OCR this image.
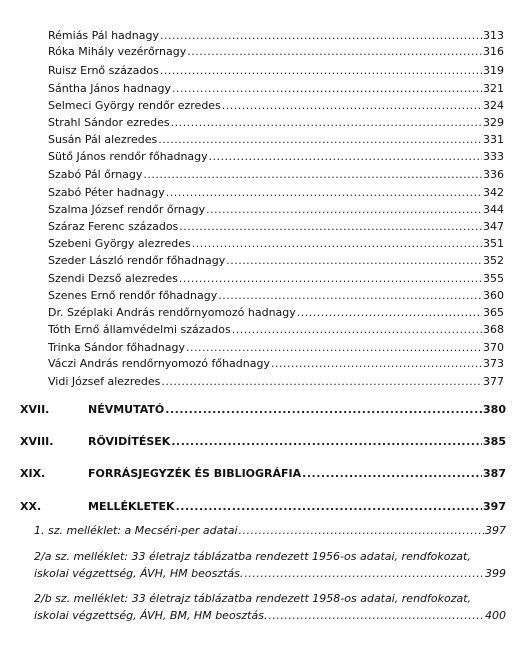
Rémiás Pál hadnagy .....	313
Róka Mihály vezérőrnagy .....	316
Ruisz Ernő százados .....	319
Sántha János hadnagy .....	321
Selmeci György rendőr ezredes .....	324
Strahl Sándor ezredes .....	329
Susán Pál alezredes .....	331
Sütő János rendőr főhadnagy .....	333
Szabó Pál őrnagy .....	336
Szabó Péter hadnagy .....	342
Szalma József rendőr őrnagy .....	344
Száraz Ferenc százados .....	347
Szebeni György alezredes .....	351
Szeder László rendőr főhadnagy .....	352
Szendi Dezső alezredes .....	355
Szenes Ernő rendőr főhadnagy .....	360
Dr. Széplaki András rendőrnyomozó hadnagy .....	365
Tóth Ernő államvédelmi százados .....	368
Trinka Sándor főhadnagy .....	370
Váczi András rendőrnyomozó főhadnagy .....	373
Vidi József alezredes .....	377
XVII.	NÉVMUTATÓ .....	380
XVIII.	RÖVIDÍTÉSEK .....	385
XIX.	FORRÁSJEGYZÉK ÉS BIBLIOGRÁFIA .....	387
XX.	MELLÉKLETEK .....	397
1. sz. melléklet: a Mecséri-per adatai .....	397
2/a sz. melléklet: 33 életrajz táblázatba rendezett 1956-os adatai, rendfokozat,
iskolai végzettség, ÁVH, HM beosztás. .....	399
2/b sz. melléklet: 33 életrajz táblázatba rendezett 1958-os adatai, rendfokozat,
iskolai végzettség, ÁVH, BM, HM beosztás. .....	400
